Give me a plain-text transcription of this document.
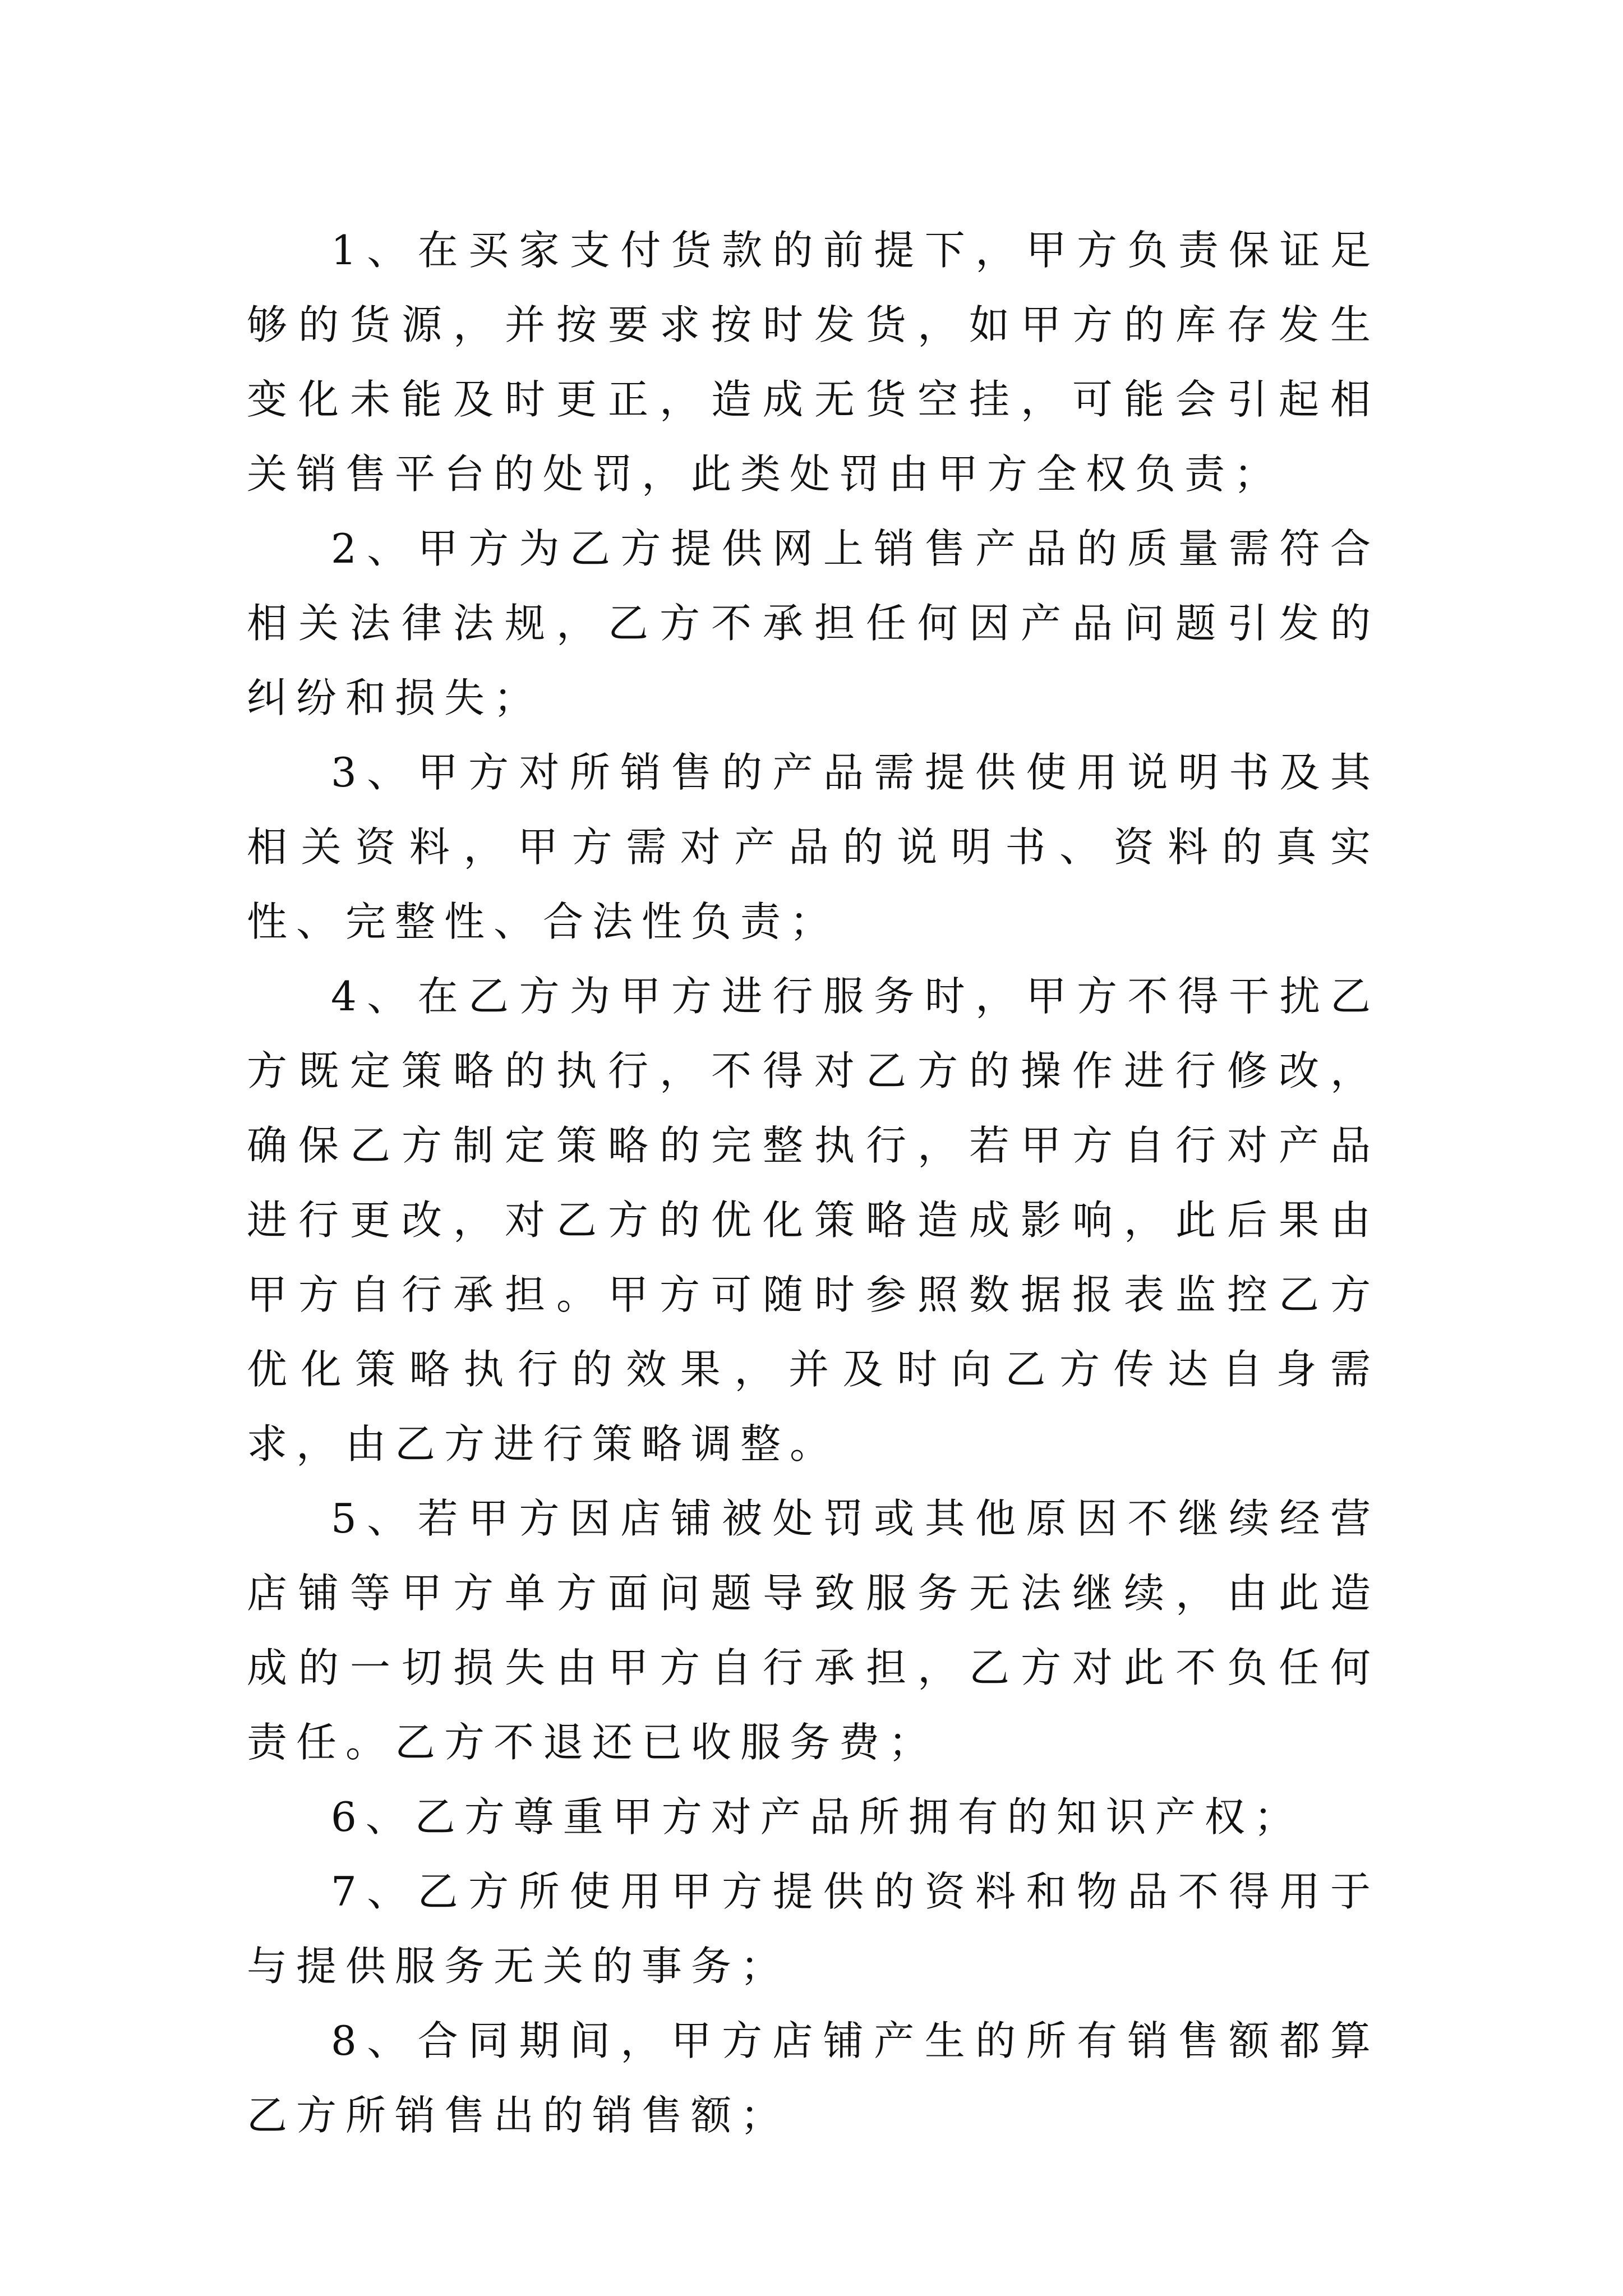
1、在买家支付货款的前提下，甲方负责保证足够的货源，并按要求按时发货，如甲方的库存发生变化未能及时更正，造成无货空挂，可能会引起相关销售平台的处罚，此类处罚由甲方全权负责；

2、甲方为乙方提供网上销售产品的质量需符合相关法律法规，乙方不承担任何因产品问题引发的纠纷和损失；

3、甲方对所销售的产品需提供使用说明书及其相关资料，甲方需对产品的说明书、资料的真实性、完整性、合法性负责；

4、在乙方为甲方进行服务时，甲方不得干扰乙方既定策略的执行，不得对乙方的操作进行修改，确保乙方制定策略的完整执行，若甲方自行对产品进行更改，对乙方的优化策略造成影响，此后果由甲方自行承担。甲方可随时参照数据报表监控乙方优化策略执行的效果，并及时向乙方传达自身需求，由乙方进行策略调整。

5、若甲方因店铺被处罚或其他原因不继续经营店铺等甲方单方面问题导致服务无法继续，由此造成的一切损失由甲方自行承担，乙方对此不负任何责任。乙方不退还已收服务费；

6、乙方尊重甲方对产品所拥有的知识产权；

7、乙方所使用甲方提供的资料和物品不得用于与提供服务无关的事务；

8、合同期间，甲方店铺产生的所有销售额都算乙方所销售出的销售额；
